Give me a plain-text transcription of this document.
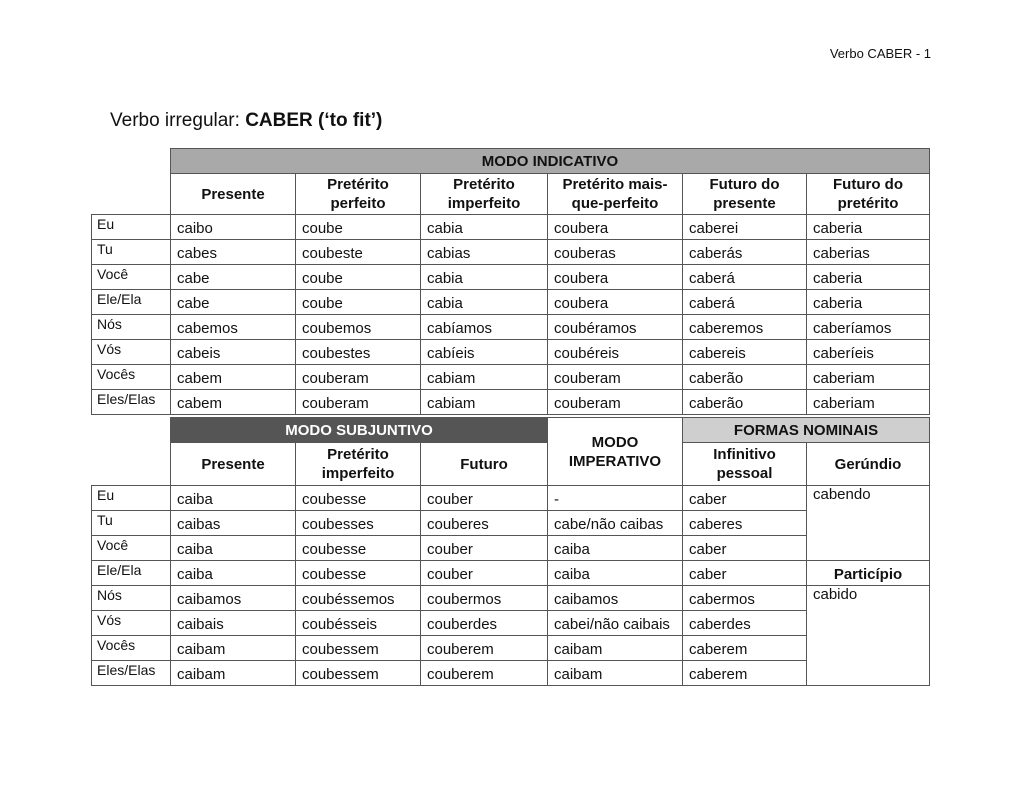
Verbo CABER - 1
Verbo irregular: CABER (‘to fit’)
	MODO INDICATIVO					
	Presente	Pretérito perfeito	Pretérito imperfeito	Pretérito mais-que-perfeito	Futuro do presente	Futuro do pretérito
Eu	caibo	coube	cabia	coubera	caberei	caberia
Tu	cabes	coubeste	cabias	couberas	caberás	caberias
Você	cabe	coube	cabia	coubera	caberá	caberia
Ele/Ela	cabe	coube	cabia	coubera	caberá	caberia
Nós	cabemos	coubemos	cabíamos	coubéramos	caberemos	caberíamos
Vós	cabeis	coubestes	cabíeis	coubéreis	cabereis	caberíeis
Vocês	cabem	couberam	cabiam	couberam	caberão	caberiam
Eles/Elas	cabem	couberam	cabiam	couberam	caberão	caberiam
	MODO SUBJUNTIVO			MODO IMPERATIVO	FORMAS NOMINAIS	
	Presente	Pretérito imperfeito	Futuro		Infinitivo pessoal	Gerúndio
Eu	caiba	coubesse	couber	-	caber	cabendo
Tu	caibas	coubesses	couberes	cabe/não caibas	caberes	
Você	caiba	coubesse	couber	caiba	caber	
Ele/Ela	caiba	coubesse	couber	caiba	caber	Particípio
Nós	caibamos	coubéssemos	coubermos	caibamos	cabermos	cabido
Vós	caibais	coubésseis	couberdes	cabei/não caibais	caberdes	
Vocês	caibam	coubessem	couberem	caibam	caberem	
Eles/Elas	caibam	coubessem	couberem	caibam	caberem	
